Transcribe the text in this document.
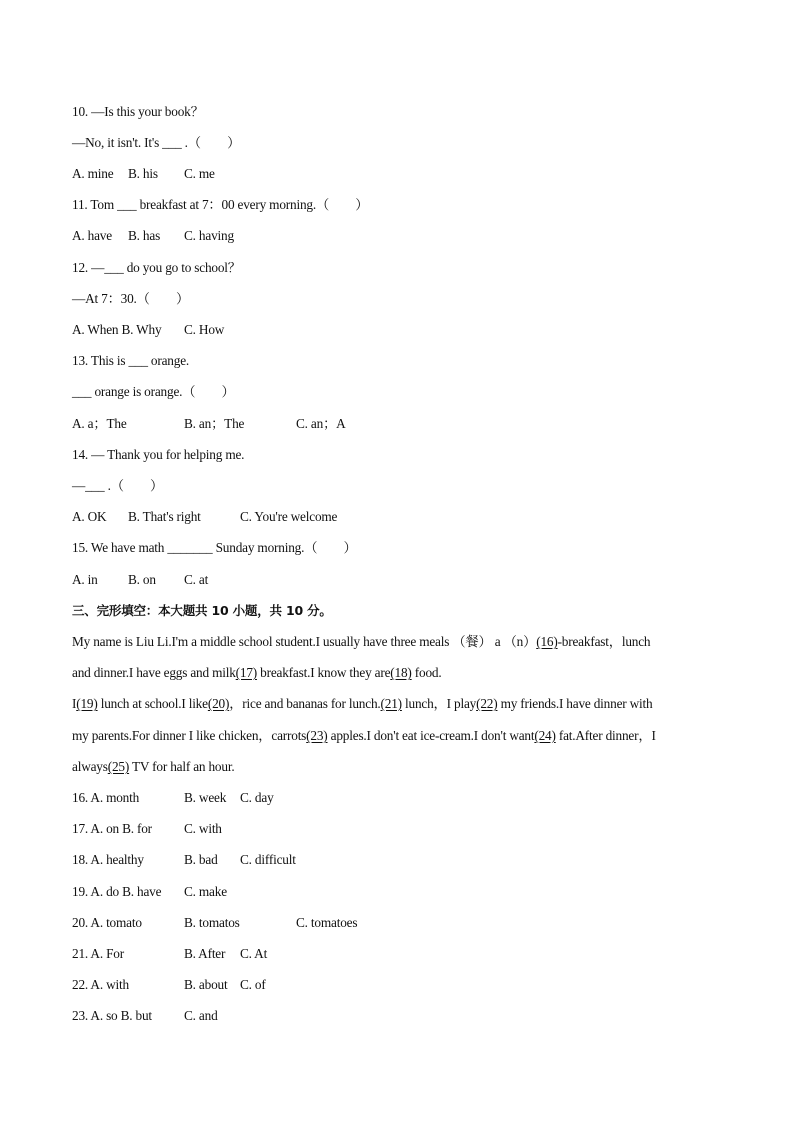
10. —Is this your book？
—No, it isn't. It's ___ .（　　）
A. mine B. his C. me
11. Tom ___ breakfast at 7：00 every morning.（　　）
A. have B. has C. having
12. —___ do you go to school？
—At 7：30.（　　）
A. When B. Why C. How
13. This is ___ orange.
___ orange is orange.（　　）
A. a；The	B. an；The	C. an；A
14. — Thank you for helping me.
—___ .（　　）
A. OK B. That's right	C. You're welcome
15. We have math _______ Sunday morning.（　　）
A. in B. on C. at
三、完形填空：本大题共 10 小题，共 10 分。
My name is Liu Li.I'm a middle school student.I usually have three meals （餐） a （n）(16)-breakfast，lunch
and dinner.I have eggs and milk(17) breakfast.I know they are(18) food.
I(19) lunch at school.I like(20)，rice and bananas for lunch.(21) lunch，I play(22) my friends.I have dinner with
my parents.For dinner I like chicken，carrots(23) apples.I don't eat ice-cream.I don't want(24) fat.After dinner，I
always(25) TV for half an hour.
16. A. month	B. week C. day
17. A. on B. for C. with
18. A. healthy	B. bad C. difficult
19. A. do B. have C. make
20. A. tomato	B. tomatos	C. tomatoes
21. A. For	B. After C. At
22. A. with	B. about C. of
23. A. so B. but C. and
